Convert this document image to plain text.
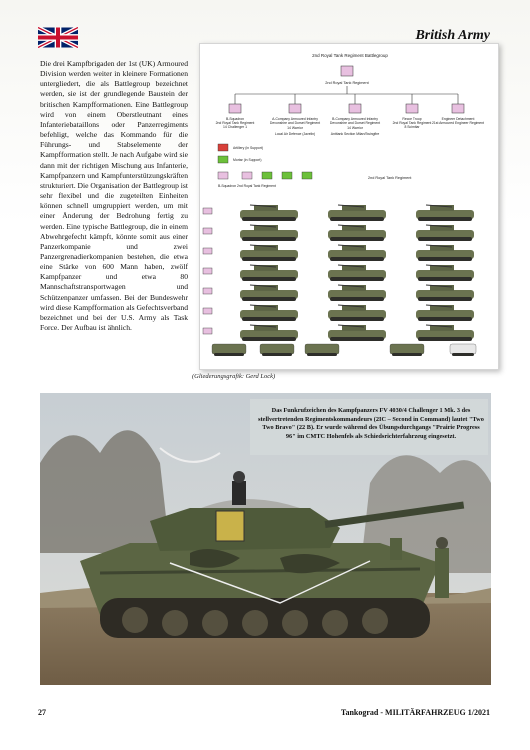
British Army
Die drei Kampfbrigaden der 1st (UK) Armoured Division werden weiter in kleinere Formationen untergliedert, die als Battlegroup bezeichnet werden, sie ist der grundlegende Baustein der britischen Kampfformationen. Eine Battlegroup wird von einem Oberstleutnant eines Infanteriebataillons oder Panzerregiments befehligt, welche das Kommando für die Führungs- und Stabselemente der Kampfformation stellt. Je nach Aufgabe wird sie dann mit der richtigen Mischung aus Infanterie, Kampfpanzern und Kampfunterstützungskräften strukturiert. Die Organisation der Battlegroup ist sehr flexibel und die zugeteilten Einheiten können schnell umgruppiert werden, um mit einer Änderung der Bedrohung fertig zu werden. Eine typische Battlegroup, die in einem Abwehrgefecht kämpft, könnte somit aus einer Panzerkompanie und zwei Panzergrenadierkompanien bestehen, die etwa eine Stärke von 600 Mann haben, zwölf Kampfpanzer und etwa 80 Mannschaftstransportwagen und Schützenpanzer umfassen. Bei der Bundeswehr wird diese Kampfformation als Gefechtsverband bezeichnet und bei der U.S. Army als Task Force. Der Aufbau ist ähnlich.
2nd Royal Tank Regiment Battlegroup
2nd Royal Tank Regiment
B-Squadron 2nd Royal Tank Regiment 14 Challenger 1
A-Company Armoured Infantry Devonshire and Dorset Regiment 14 Warrior Local Air Defence (Javelin)
B-Company Armoured Infantry Devonshire and Dorset Regiment 14 Warrior Antitank Section Milan/Swingfire
Recce Troop 2nd Royal Tank Regiment 8 Scimitar
Engineer Detachment 21st Armoured Engineer Regiment
Artillery (in Support)
Mortar (in Support)
B-Squadron 2nd Royal Tank Regiment
2nd Royal Tank Regiment
(Gliederungsgrafik: Gerd Lock)
Das Funkrufzeichen des Kampfpanzers FV 4030/4 Challenger 1 Mk. 3 des stellvertretenden Regimentskommandeurs (2IC – Second in Command) lautet "Two Two Bravo" (22 B). Er wurde während des Übungsdurchgangs "Prairie Progress 96" im CMTC Hohenfels als Schiedsrichterfahrzeug eingesetzt.
27	Tankograd - MILITÄRFAHRZEUG 1/2021
